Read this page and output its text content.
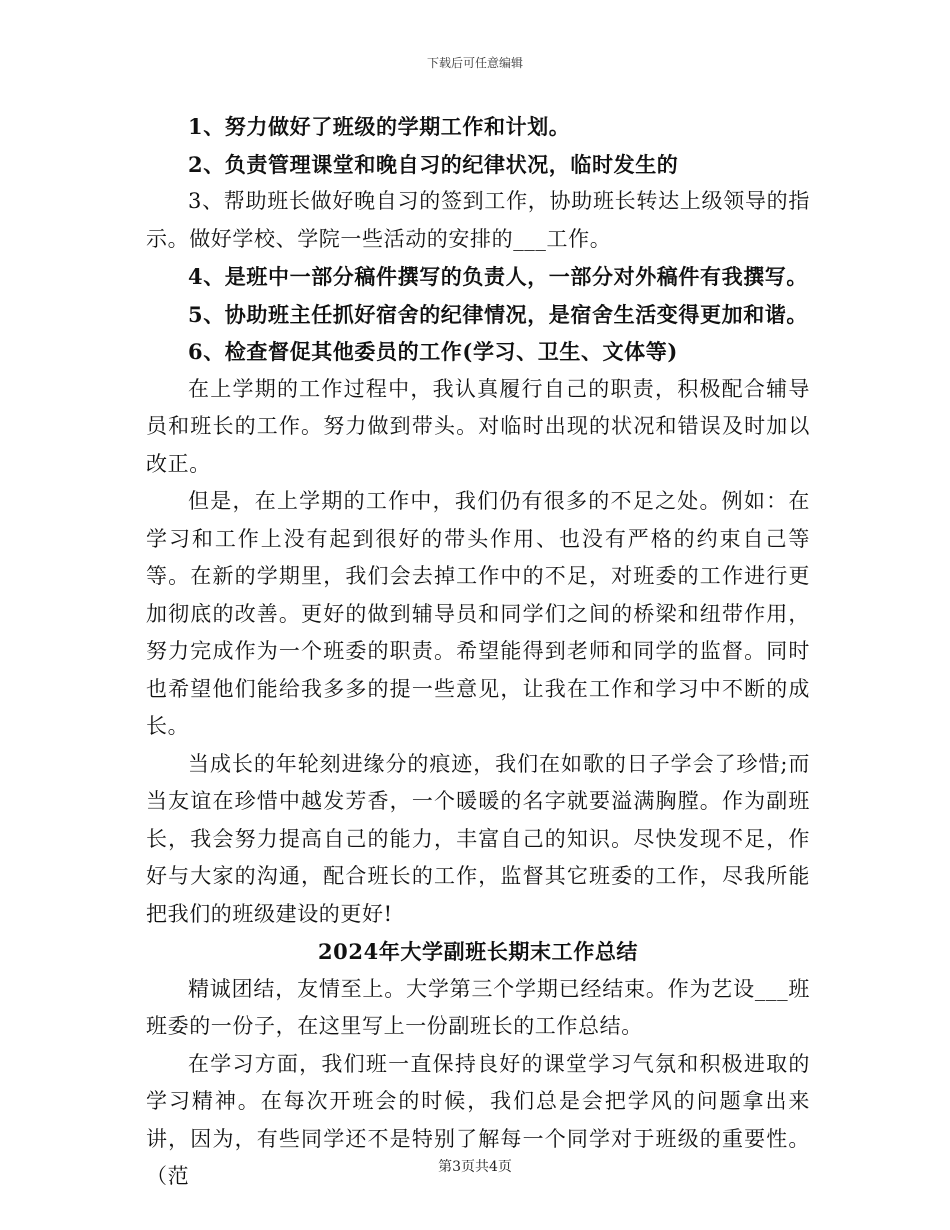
下载后可任意编辑

1、努力做好了班级的学期工作和计划。

2、负责管理课堂和晚自习的纪律状况，临时发生的

3、帮助班长做好晚自习的签到工作，协助班长转达上级领导的指示。做好学校、学院一些活动的安排的___工作。

4、是班中一部分稿件撰写的负责人，一部分对外稿件有我撰写。

5、协助班主任抓好宿舍的纪律情况，是宿舍生活变得更加和谐。

6、检查督促其他委员的工作(学习、卫生、文体等)

在上学期的工作过程中，我认真履行自己的职责，积极配合辅导员和班长的工作。努力做到带头。对临时出现的状况和错误及时加以改正。

但是，在上学期的工作中，我们仍有很多的不足之处。例如：在学习和工作上没有起到很好的带头作用、也没有严格的约束自己等等。在新的学期里，我们会去掉工作中的不足，对班委的工作进行更加彻底的改善。更好的做到辅导员和同学们之间的桥梁和纽带作用，努力完成作为一个班委的职责。希望能得到老师和同学的监督。同时也希望他们能给我多多的提一些意见，让我在工作和学习中不断的成长。

当成长的年轮刻进缘分的痕迹，我们在如歌的日子学会了珍惜;而当友谊在珍惜中越发芳香，一个暖暖的名字就要溢满胸膛。作为副班长，我会努力提高自己的能力，丰富自己的知识。尽快发现不足，作好与大家的沟通，配合班长的工作，监督其它班委的工作，尽我所能把我们的班级建设的更好!

2024年大学副班长期末工作总结

精诚团结，友情至上。大学第三个学期已经结束。作为艺设___班班委的一份子，在这里写上一份副班长的工作总结。

在学习方面，我们班一直保持良好的课堂学习气氛和积极进取的学习精神。在每次开班会的时候，我们总是会把学风的问题拿出来讲，因为，有些同学还不是特别了解每一个同学对于班级的重要性。（范	第3页共4页
